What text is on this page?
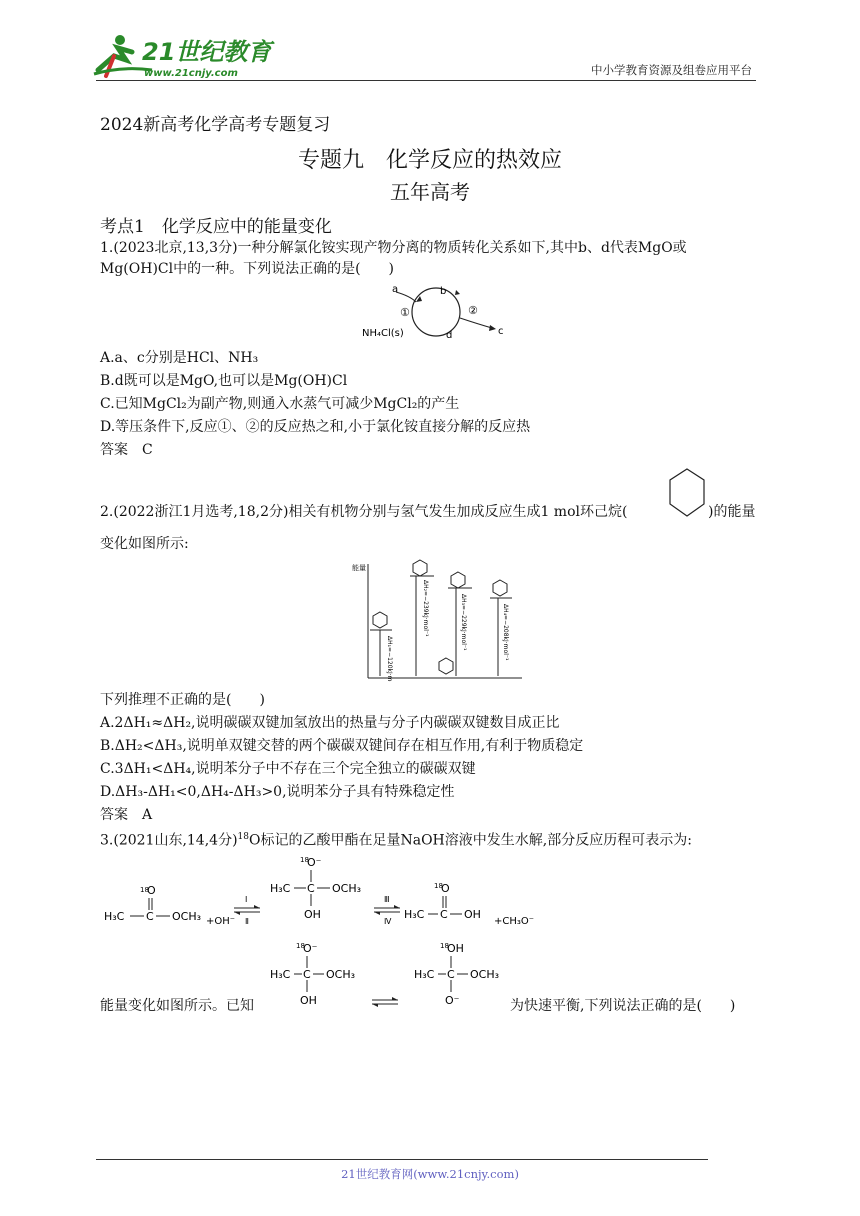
21世纪教育
www.21cnjy.com	中小学教育资源及组卷应用平台
2024新高考化学高考专题复习
专题九　化学反应的热效应
五年高考
考点1　化学反应中的能量变化
1.(2023北京,13,3分)一种分解氯化铵实现产物分离的物质转化关系如下,其中b、d代表MgO或
Mg(OH)Cl中的一种。下列说法正确的是(　　)
a	b
c
d
①	②
NH₄Cl(s)
A.a、c分别是HCl、NH₃
B.d既可以是MgO,也可以是Mg(OH)Cl
C.已知MgCl₂为副产物,则通入水蒸气可减少MgCl₂的产生
D.等压条件下,反应①、②的反应热之和,小于氯化铵直接分解的反应热
答案　C
2.(2022浙江1月选考,18,2分)相关有机物分别与氢气发生加成反应生成1 mol环己烷(	)的能量
变化如图所示:
能量
ΔH₁=−120kJ·mol⁻¹
ΔH₂=−239kJ·mol⁻¹	ΔH₃=−229kJ·mol⁻¹	ΔH₄=−208kJ·mol⁻¹
下列推理不正确的是(　　)
A.2ΔH₁≈ΔH₂,说明碳碳双键加氢放出的热量与分子内碳碳双键数目成正比
B.ΔH₂<ΔH₃,说明单双键交替的两个碳碳双键间存在相互作用,有利于物质稳定
C.3ΔH₁<ΔH₄,说明苯分子中不存在三个完全独立的碳碳双键
D.ΔH₃-ΔH₁<0,ΔH₄-ΔH₃>0,说明苯分子具有特殊稳定性
答案　A
3.(2021山东,14,4分)$^{18}$O标记的乙酸甲酯在足量NaOH溶液中发生水解,部分反应历程可表示为:
18
O
H₃C C OCH₃ +OH⁻
Ⅰ
Ⅱ
18
O⁻
H₃C C OCH₃
OH
Ⅲ
Ⅳ
18
O
H₃C C OH
+CH₃O⁻
能量变化如图所示。已知
18
O⁻
H₃C C OCH₃
OH
18
OH
H₃C C OCH₃
O⁻	为快速平衡,下列说法正确的是(　　)
21世纪教育网(www.21cnjy.com)
